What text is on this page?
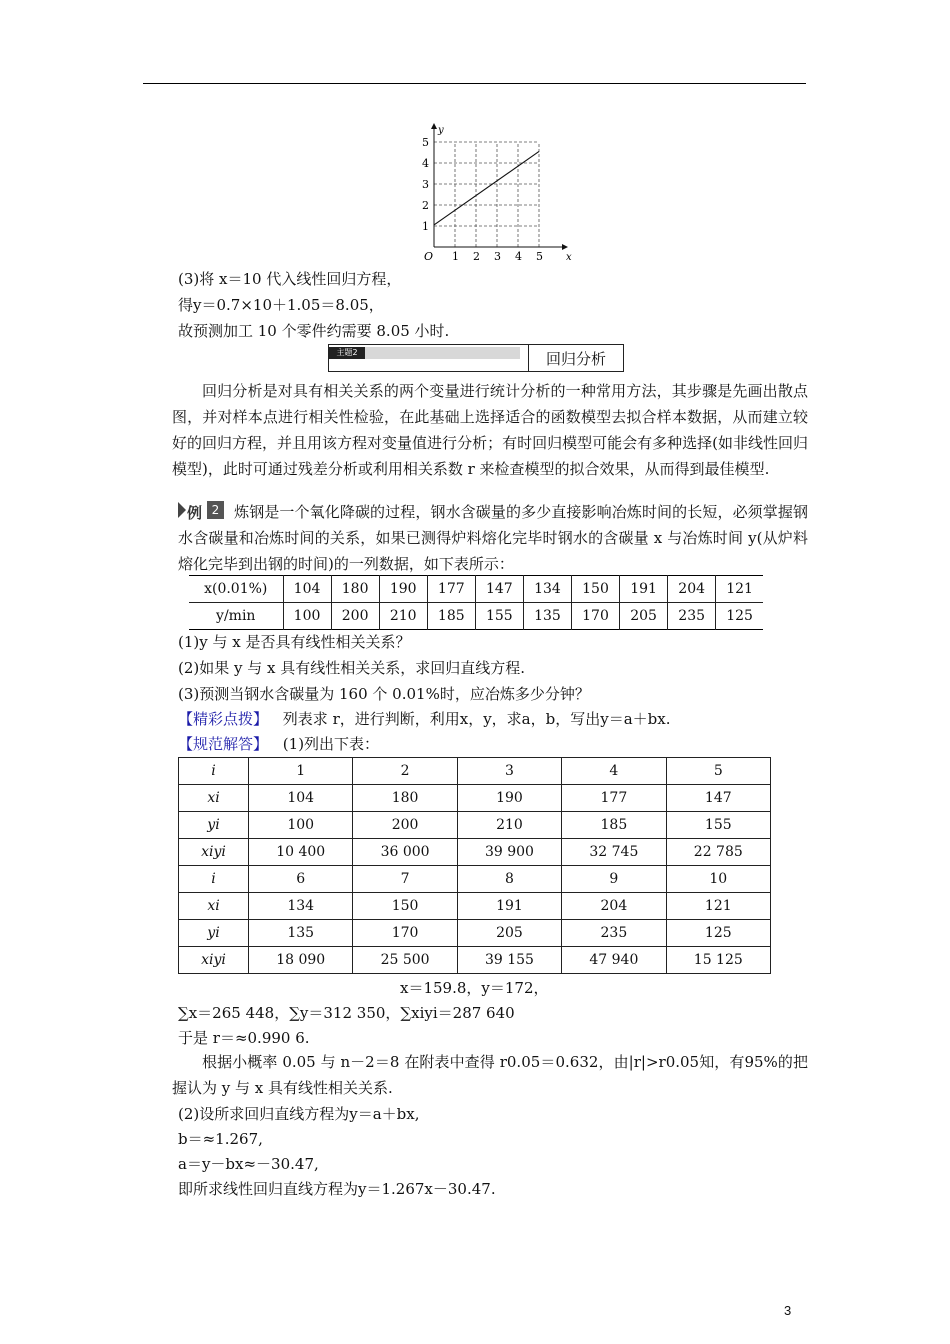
y
x
O 1 2 3 4 5
1
2
3
4
5
(3)将 x＝10 代入线性回归方程，
得y＝0.7×10＋1.05＝8.05，
故预测加工 10 个零件约需要 8.05 小时.
主题2	回归分析
回归分析是对具有相关关系的两个变量进行统计分析的一种常用方法，其步骤是先画出散点图，并对样本点进行相关性检验，在此基础上选择适合的函数模型去拟合样本数据，从而建立较好的回归方程，并且用该方程对变量值进行分析；有时回归模型可能会有多种选择(如非线性回归模型)，此时可通过残差分析或利用相关系数 r 来检查模型的拟合效果，从而得到最佳模型.
例 2 炼钢是一个氧化降碳的过程，钢水含碳量的多少直接影响冶炼时间的长短，必须掌握钢水含碳量和冶炼时间的关系，如果已测得炉料熔化完毕时钢水的含碳量 x 与冶炼时间 y(从炉料熔化完毕到出钢的时间)的一列数据，如下表所示：
x(0.01%)	104	180	190	177	147	134	150	191	204	121
y/min	100	200	210	185	155	135	170	205	235	125
(1)y 与 x 是否具有线性相关关系？
(2)如果 y 与 x 具有线性相关关系，求回归直线方程.
(3)预测当钢水含碳量为 160 个 0.01%时，应冶炼多少分钟？
【精彩点拨】 列表求 r，进行判断，利用x，y，求a，b，写出y＝a＋bx.
【规范解答】 (1)列出下表：
i	1	2	3	4	5
xi	104	180	190	177	147
yi	100	200	210	185	155
xiyi	10 400	36 000	39 900	32 745	22 785
i	6	7	8	9	10
xi	134	150	191	204	121
yi	135	170	205	235	125
xiyi	18 090	25 500	39 155	47 940	15 125
x＝159.8，y＝172，
∑x＝265 448，∑y＝312 350，∑xiyi＝287 640
于是 r＝≈0.990 6.
根据小概率 0.05 与 n－2＝8 在附表中查得 r0.05＝0.632，由|r|>r0.05知，有95%的把握认为 y 与 x 具有线性相关关系.
(2)设所求回归直线方程为y＝a＋bx,
b＝≈1.267,
a＝y－bx≈－30.47,
即所求线性回归直线方程为y＝1.267x－30.47.
3
